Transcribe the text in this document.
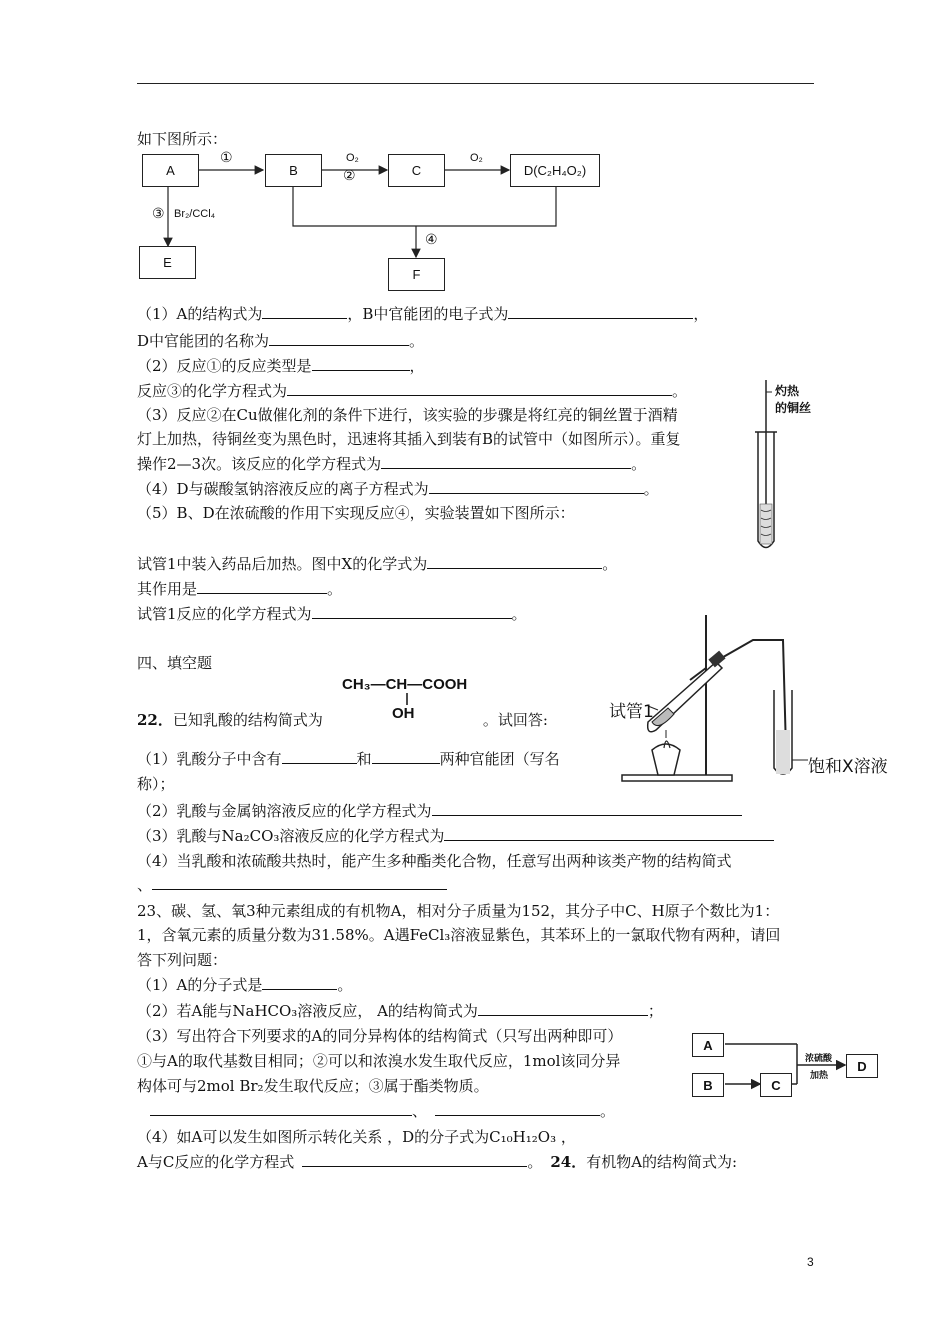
如下图所示：
A	B	C	D(C₂H₄O₂)
E
F
①	O₂
②
O₂
③ Br₂/CCl₄
④
（1）A的结构式为	，B中官能团的电子式为	，
D中官能团的名称为	。
（2）反应①的反应类型是	，
反应③的化学方程式为	。
（3）反应②在Cu做催化剂的条件下进行，该实验的步骤是将红亮的铜丝置于酒精
灯上加热，待铜丝变为黑色时，迅速将其插入到装有B的试管中（如图所示）。重复
操作2—3次。该反应的化学方程式为	。
（4）D与碳酸氢钠溶液反应的离子方程式为	。
（5）B、D在浓硫酸的作用下实现反应④，实验装置如下图所示：
试管1中装入药品后加热。图中X的化学式为	。
其作用是	。
试管1反应的化学方程式为	。
灼热
的铜丝
四、填空题
CH₃—CH—COOH
OH
22．已知乳酸的结构简式为	。试回答:
（1）乳酸分子中含有	和	两种官能团（写名
称）；
（2）乳酸与金属钠溶液反应的化学方程式为
（3）乳酸与Na₂CO₃溶液反应的化学方程式为
（4）当乳酸和浓硫酸共热时，能产生多种酯类化合物，任意写出两种该类产物的结构简式
、
试管1
饱和X溶液
23、碳、氢、氧3种元素组成的有机物A，相对分子质量为152，其分子中C、H原子个数比为1：
1，含氧元素的质量分数为31.58%。A遇FeCl₃溶液显紫色，其苯环上的一氯取代物有两种，请回
答下列问题：
（1）A的分子式是	。
（2）若A能与NaHCO₃溶液反应， A的结构简式为	；
（3）写出符合下列要求的A的同分异构体的结构简式（只写出两种即可）
①与A的取代基数目相同；②可以和浓溴水发生取代反应，1mol该同分异
构体可与2mol Br₂发生取代反应；③属于酯类物质。
、	。
（4）如A可以发生如图所示转化关系 ，D的分子式为C₁₀H₁₂O₃ ，
A与C反应的化学方程式	。 24．有机物A的结构简式为:
A
B	C
D
浓硫酸
加热
3
